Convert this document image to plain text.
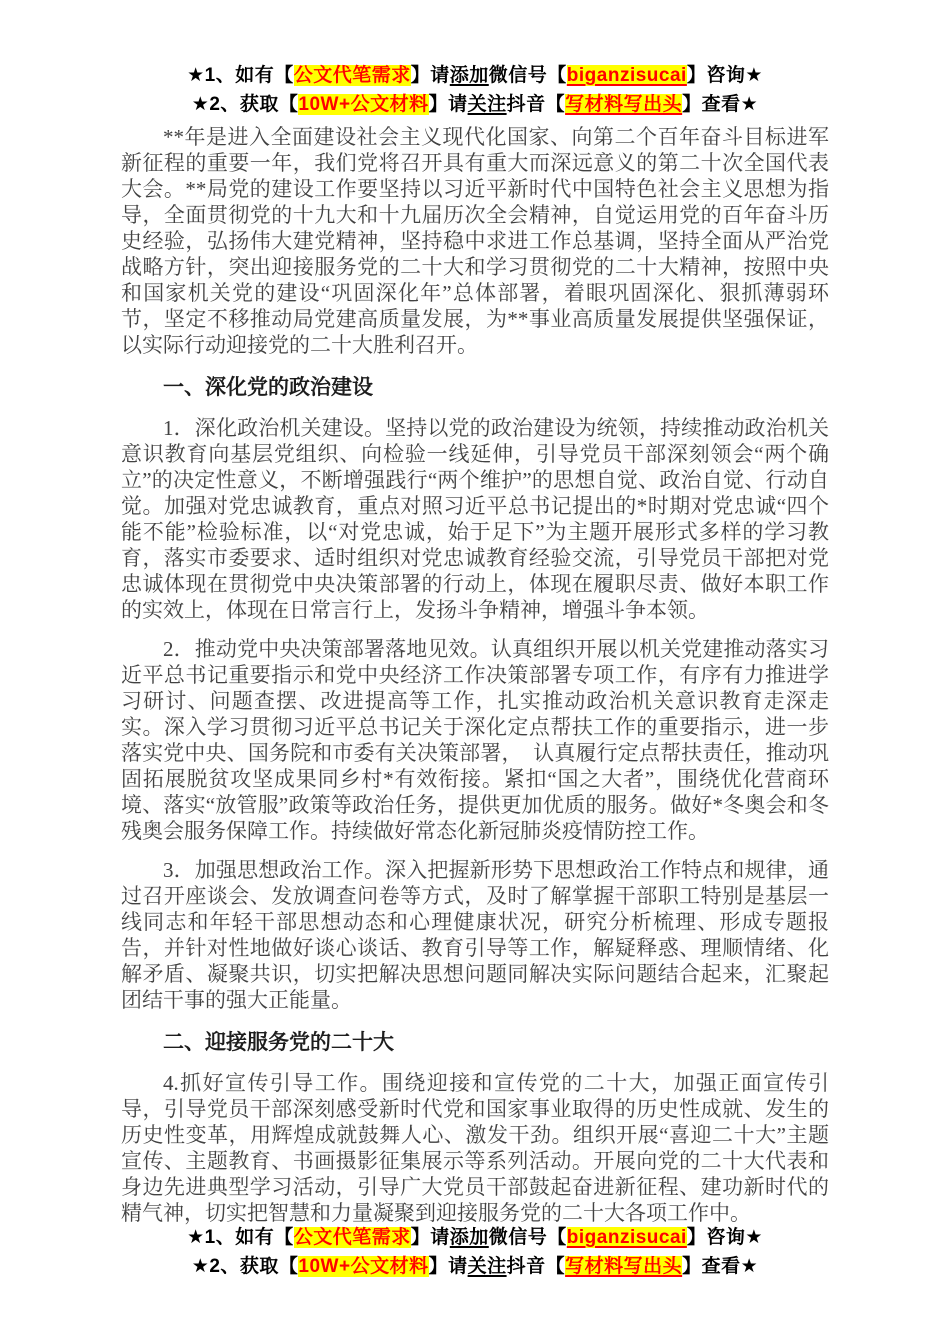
★1、如有【公文代笔需求】请添加微信号【biganzisucai】咨询★
★2、获取【10W+公文材料】请关注抖音【写材料写出头】查看★

**年是进入全面建设社会主义现代化国家、向第二个百年奋斗目标进军新征程的重要一年，我们党将召开具有重大而深远意义的第二十次全国代表大会。**局党的建设工作要坚持以习近平新时代中国特色社会主义思想为指导，全面贯彻党的十九大和十九届历次全会精神，自觉运用党的百年奋斗历史经验，弘扬伟大建党精神，坚持稳中求进工作总基调，坚持全面从严治党战略方针，突出迎接服务党的二十大和学习贯彻党的二十大精神，按照中央和国家机关党的建设“巩固深化年”总体部署，着眼巩固深化、狠抓薄弱环节，坚定不移推动局党建高质量发展，为**事业高质量发展提供坚强保证，以实际行动迎接党的二十大胜利召开。

一、深化党的政治建设

1．深化政治机关建设。坚持以党的政治建设为统领，持续推动政治机关意识教育向基层党组织、向检验一线延伸，引导党员干部深刻领会“两个确立”的决定性意义，不断增强践行“两个维护”的思想自觉、政治自觉、行动自觉。加强对党忠诚教育，重点对照习近平总书记提出的*时期对党忠诚“四个能不能”检验标准，以“对党忠诚，始于足下”为主题开展形式多样的学习教育，落实市委要求、适时组织对党忠诚教育经验交流，引导党员干部把对党忠诚体现在贯彻党中央决策部署的行动上，体现在履职尽责、做好本职工作的实效上，体现在日常言行上，发扬斗争精神，增强斗争本领。

2．推动党中央决策部署落地见效。认真组织开展以机关党建推动落实习近平总书记重要指示和党中央经济工作决策部署专项工作，有序有力推进学习研讨、问题查摆、改进提高等工作，扎实推动政治机关意识教育走深走实。深入学习贯彻习近平总书记关于深化定点帮扶工作的重要指示，进一步落实党中央、国务院和市委有关决策部署，　认真履行定点帮扶责任，推动巩固拓展脱贫攻坚成果同乡村*有效衔接。紧扣“国之大者”，围绕优化营商环境、落实“放管服”政策等政治任务，提供更加优质的服务。做好*冬奥会和冬残奥会服务保障工作。持续做好常态化新冠肺炎疫情防控工作。

3．加强思想政治工作。深入把握新形势下思想政治工作特点和规律，通过召开座谈会、发放调查问卷等方式，及时了解掌握干部职工特别是基层一线同志和年轻干部思想动态和心理健康状况，研究分析梳理、形成专题报告，并针对性地做好谈心谈话、教育引导等工作，解疑释惑、理顺情绪、化解矛盾、凝聚共识，切实把解决思想问题同解决实际问题结合起来，汇聚起团结干事的强大正能量。

二、迎接服务党的二十大

4.抓好宣传引导工作。围绕迎接和宣传党的二十大，加强正面宣传引导，引导党员干部深刻感受新时代党和国家事业取得的历史性成就、发生的历史性变革，用辉煌成就鼓舞人心、激发干劲。组织开展“喜迎二十大”主题宣传、主题教育、书画摄影征集展示等系列活动。开展向党的二十大代表和身边先进典型学习活动，引导广大党员干部鼓起奋进新征程、建功新时代的精气神，切实把智慧和力量凝聚到迎接服务党的二十大各项工作中。

★1、如有【公文代笔需求】请添加微信号【biganzisucai】咨询★
★2、获取【10W+公文材料】请关注抖音【写材料写出头】查看★
